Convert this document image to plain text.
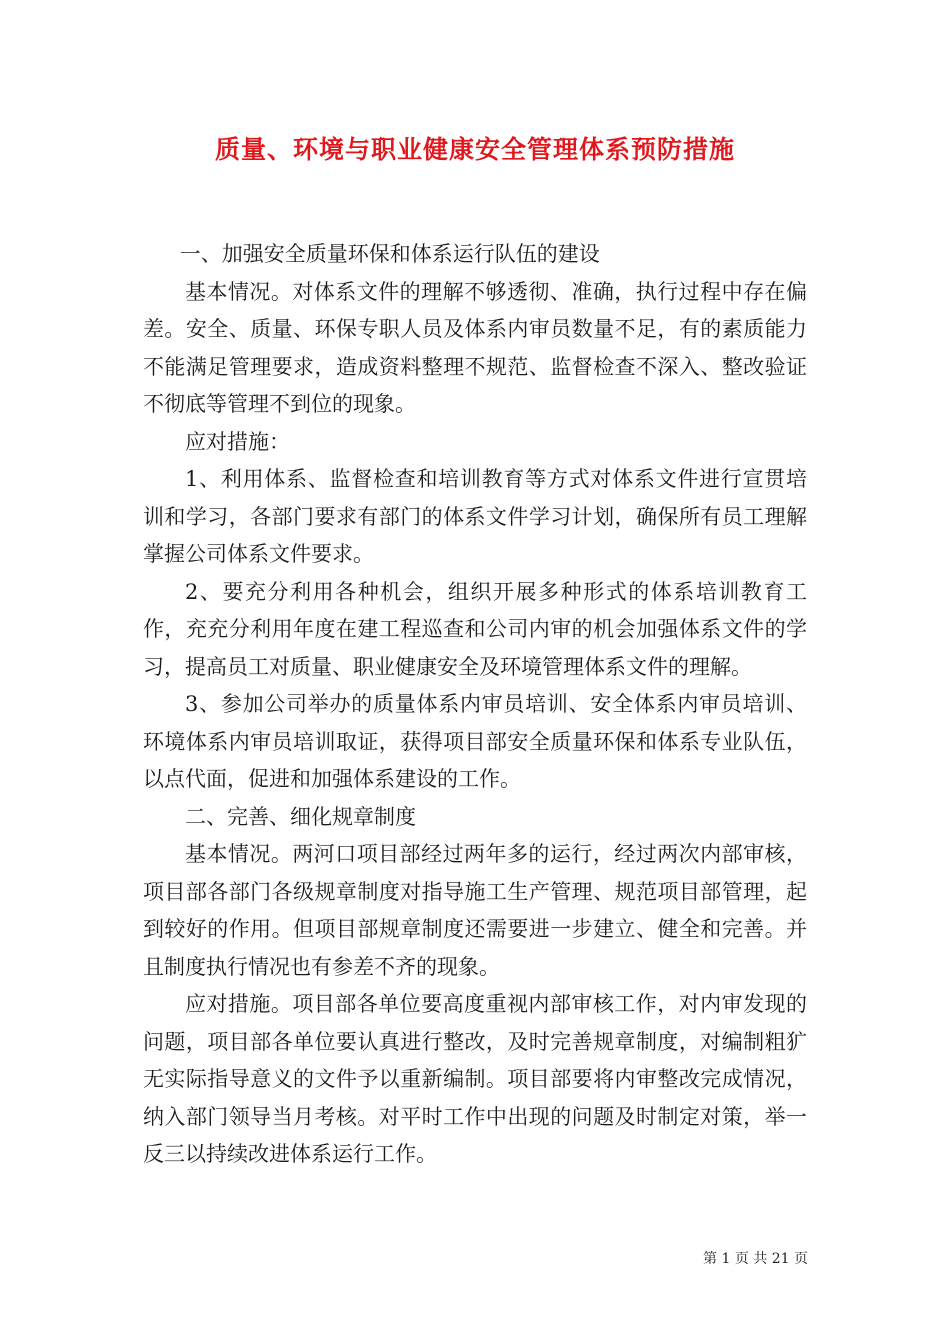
质量、环境与职业健康安全管理体系预防措施

一、加强安全质量环保和体系运行队伍的建设

基本情况。对体系文件的理解不够透彻、准确，执行过程中存在偏差。安全、质量、环保专职人员及体系内审员数量不足，有的素质能力不能满足管理要求，造成资料整理不规范、监督检查不深入、整改验证不彻底等管理不到位的现象。

应对措施：

1、利用体系、监督检查和培训教育等方式对体系文件进行宣贯培训和学习，各部门要求有部门的体系文件学习计划，确保所有员工理解掌握公司体系文件要求。

2、要充分利用各种机会，组织开展多种形式的体系培训教育工作，充充分利用年度在建工程巡查和公司内审的机会加强体系文件的学习，提高员工对质量、职业健康安全及环境管理体系文件的理解。

3、参加公司举办的质量体系内审员培训、安全体系内审员培训、环境体系内审员培训取证，获得项目部安全质量环保和体系专业队伍，以点代面，促进和加强体系建设的工作。

二、完善、细化规章制度

基本情况。两河口项目部经过两年多的运行，经过两次内部审核，项目部各部门各级规章制度对指导施工生产管理、规范项目部管理，起到较好的作用。但项目部规章制度还需要进一步建立、健全和完善。并且制度执行情况也有参差不齐的现象。

应对措施。项目部各单位要高度重视内部审核工作，对内审发现的问题，项目部各单位要认真进行整改，及时完善规章制度，对编制粗犷无实际指导意义的文件予以重新编制。项目部要将内审整改完成情况，纳入部门领导当月考核。对平时工作中出现的问题及时制定对策，举一反三以持续改进体系运行工作。

第 1 页 共 21 页
